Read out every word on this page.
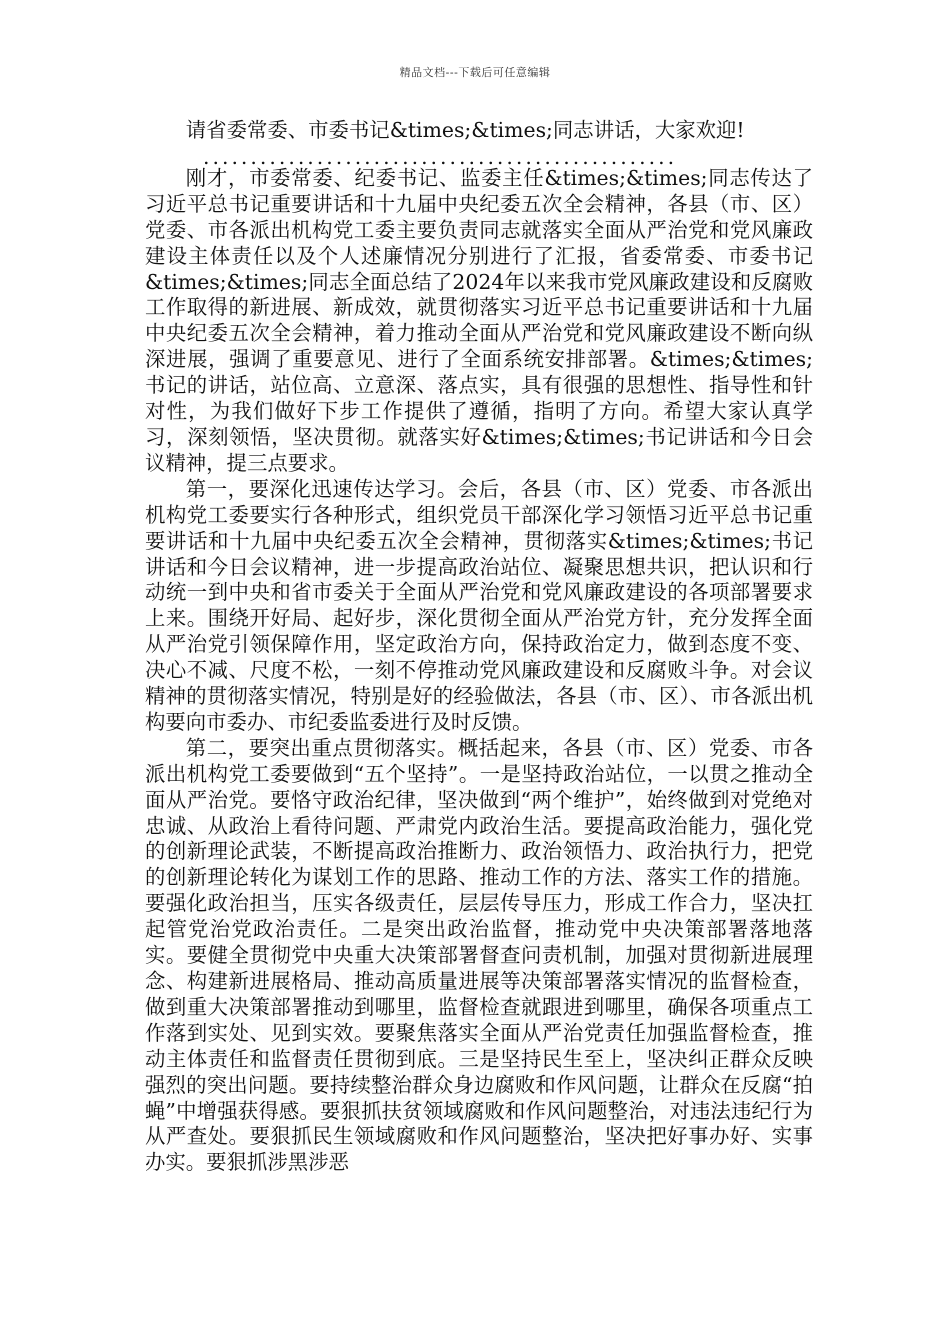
精品文档---下载后可任意编辑

请省委常委、市委书记&times;&times;同志讲话，大家欢迎!

..................................................

刚才，市委常委、纪委书记、监委主任&times;&times;同志传达了习近平总书记重要讲话和十九届中央纪委五次全会精神，各县（市、区）党委、市各派出机构党工委主要负责同志就落实全面从严治党和党风廉政建设主体责任以及个人述廉情况分别进行了汇报，省委常委、市委书记&times;&times;同志全面总结了2024年以来我市党风廉政建设和反腐败工作取得的新进展、新成效，就贯彻落实习近平总书记重要讲话和十九届中央纪委五次全会精神，着力推动全面从严治党和党风廉政建设不断向纵深进展，强调了重要意见、进行了全面系统安排部署。&times;&times;书记的讲话，站位高、立意深、落点实，具有很强的思想性、指导性和针对性，为我们做好下步工作提供了遵循，指明了方向。希望大家认真学习，深刻领悟，坚决贯彻。就落实好&times;&times;书记讲话和今日会议精神，提三点要求。

第一，要深化迅速传达学习。会后，各县（市、区）党委、市各派出机构党工委要实行各种形式，组织党员干部深化学习领悟习近平总书记重要讲话和十九届中央纪委五次全会精神，贯彻落实&times;&times;书记讲话和今日会议精神，进一步提高政治站位、凝聚思想共识，把认识和行动统一到中央和省市委关于全面从严治党和党风廉政建设的各项部署要求上来。围绕开好局、起好步，深化贯彻全面从严治党方针，充分发挥全面从严治党引领保障作用，坚定政治方向，保持政治定力，做到态度不变、决心不减、尺度不松，一刻不停推动党风廉政建设和反腐败斗争。对会议精神的贯彻落实情况，特别是好的经验做法，各县（市、区）、市各派出机构要向市委办、市纪委监委进行及时反馈。

第二，要突出重点贯彻落实。概括起来，各县（市、区）党委、市各派出机构党工委要做到“五个坚持”。一是坚持政治站位，一以贯之推动全面从严治党。要恪守政治纪律，坚决做到“两个维护”，始终做到对党绝对忠诚、从政治上看待问题、严肃党内政治生活。要提高政治能力，强化党的创新理论武装，不断提高政治推断力、政治领悟力、政治执行力，把党的创新理论转化为谋划工作的思路、推动工作的方法、落实工作的措施。要强化政治担当，压实各级责任，层层传导压力，形成工作合力，坚决扛起管党治党政治责任。二是突出政治监督，推动党中央决策部署落地落实。要健全贯彻党中央重大决策部署督查问责机制，加强对贯彻新进展理念、构建新进展格局、推动高质量进展等决策部署落实情况的监督检查，做到重大决策部署推动到哪里，监督检查就跟进到哪里，确保各项重点工作落到实处、见到实效。要聚焦落实全面从严治党责任加强监督检查，推动主体责任和监督责任贯彻到底。三是坚持民生至上，坚决纠正群众反映强烈的突出问题。要持续整治群众身边腐败和作风问题，让群众在反腐“拍蝇”中增强获得感。要狠抓扶贫领域腐败和作风问题整治，对违法违纪行为从严查处。要狠抓民生领域腐败和作风问题整治，坚决把好事办好、实事办实。要狠抓涉黑涉恶
